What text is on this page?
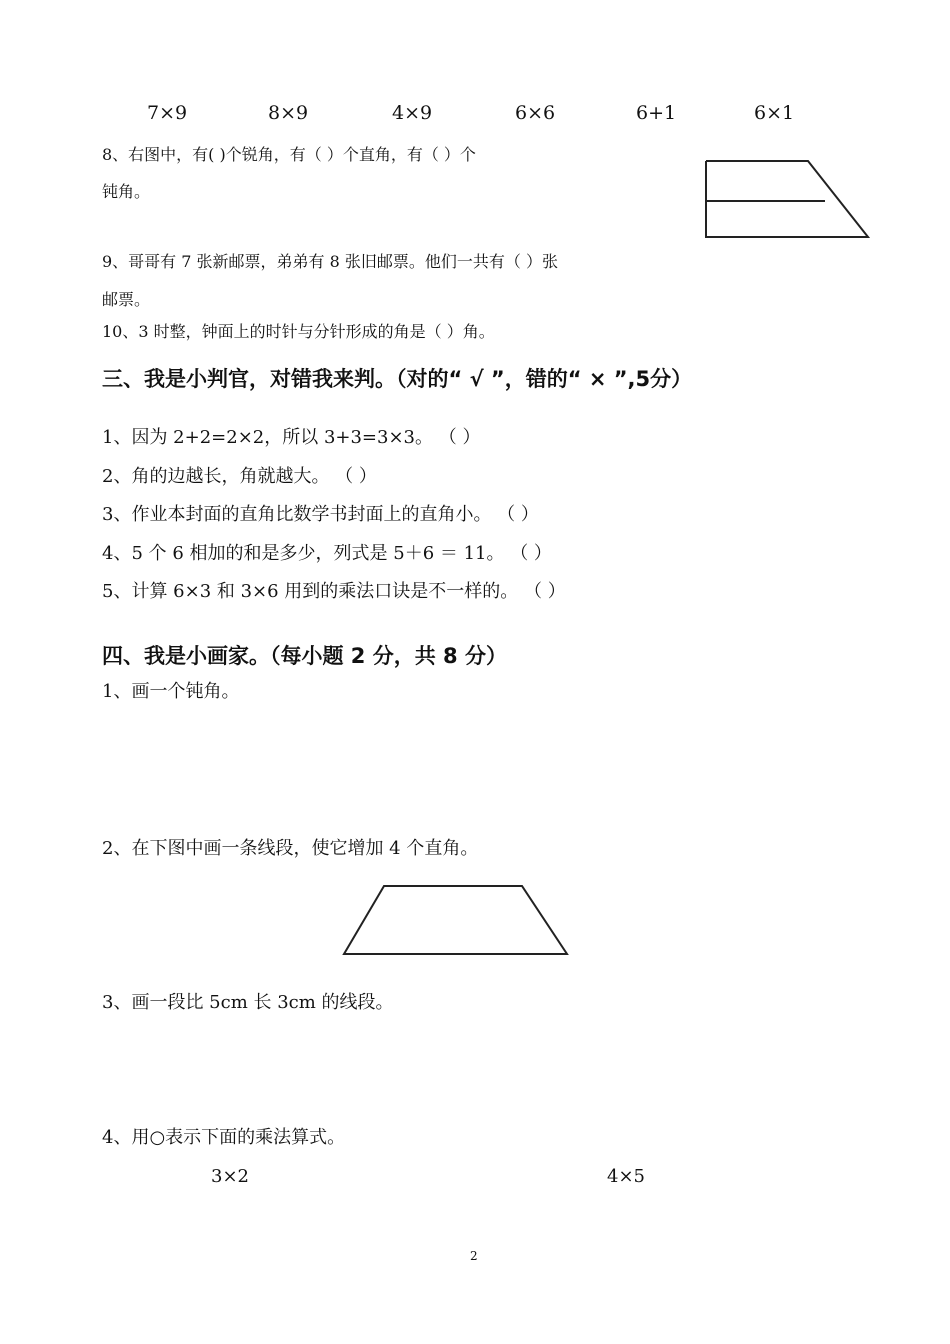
7×9	8×9	4×9	6×6	6+1	6×1
8、右图中，有( )个锐角，有（ ）个直角，有（ ）个
钝角。
9、哥哥有 7 张新邮票，弟弟有 8 张旧邮票。他们一共有（ ）张
邮票。
10、3 时整，钟面上的时针与分针形成的角是（ ）角。
三、我是小判官，对错我来判。（对的“ √ ”，错的“ × ”,5分）
1、因为 2+2=2×2，所以 3+3=3×3。 （ ）
2、角的边越长，角就越大。 （ ）
3、作业本封面的直角比数学书封面上的直角小。 （ ）
4、5 个 6 相加的和是多少，列式是 5＋6 ＝ 11。 （ ）
5、计算 6×3 和 3×6 用到的乘法口诀是不一样的。 （ ）
四、我是小画家。（每小题 2 分，共 8 分）
1、画一个钝角。
2、在下图中画一条线段，使它增加 4 个直角。
3、画一段比 5cm 长 3cm 的线段。
4、用○表示下面的乘法算式。
3×2	4×5
2
